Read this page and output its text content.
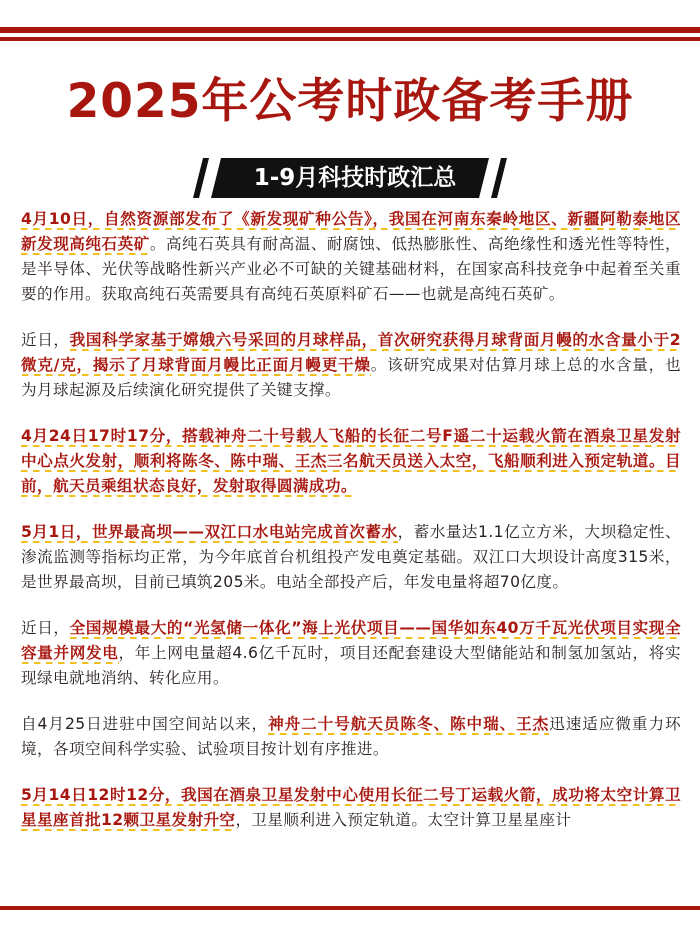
2025年公考时政备考手册
1-9月科技时政汇总

4月10日，自然资源部发布了《新发现矿种公告》，我国在河南东秦岭地区、新疆阿勒泰地区新发现高纯石英矿。高纯石英具有耐高温、耐腐蚀、低热膨胀性、高绝缘性和透光性等特性，是半导体、光伏等战略性新兴产业必不可缺的关键基础材料，在国家高科技竞争中起着至关重要的作用。获取高纯石英需要具有高纯石英原料矿石——也就是高纯石英矿。

近日，我国科学家基于嫦娥六号采回的月球样品，首次研究获得月球背面月幔的水含量小于2微克/克，揭示了月球背面月幔比正面月幔更干燥。该研究成果对估算月球上总的水含量，也为月球起源及后续演化研究提供了关键支撑。

4月24日17时17分，搭载神舟二十号载人飞船的长征二号F遥二十运载火箭在酒泉卫星发射中心点火发射，顺利将陈冬、陈中瑞、王杰三名航天员送入太空，飞船顺利进入预定轨道。目前，航天员乘组状态良好，发射取得圆满成功。

5月1日，世界最高坝——双江口水电站完成首次蓄水，蓄水量达1.1亿立方米，大坝稳定性、渗流监测等指标均正常，为今年底首台机组投产发电奠定基础。双江口大坝设计高度315米，是世界最高坝，目前已填筑205米。电站全部投产后，年发电量将超70亿度。

近日，全国规模最大的“光氢储一体化”海上光伏项目——国华如东40万千瓦光伏项目实现全容量并网发电，年上网电量超4.6亿千瓦时，项目还配套建设大型储能站和制氢加氢站，将实现绿电就地消纳、转化应用。

自4月25日进驻中国空间站以来，神舟二十号航天员陈冬、陈中瑞、王杰迅速适应微重力环境，各项空间科学实验、试验项目按计划有序推进。

5月14日12时12分，我国在酒泉卫星发射中心使用长征二号丁运载火箭，成功将太空计算卫星星座首批12颗卫星发射升空，卫星顺利进入预定轨道。太空计算卫星星座计
